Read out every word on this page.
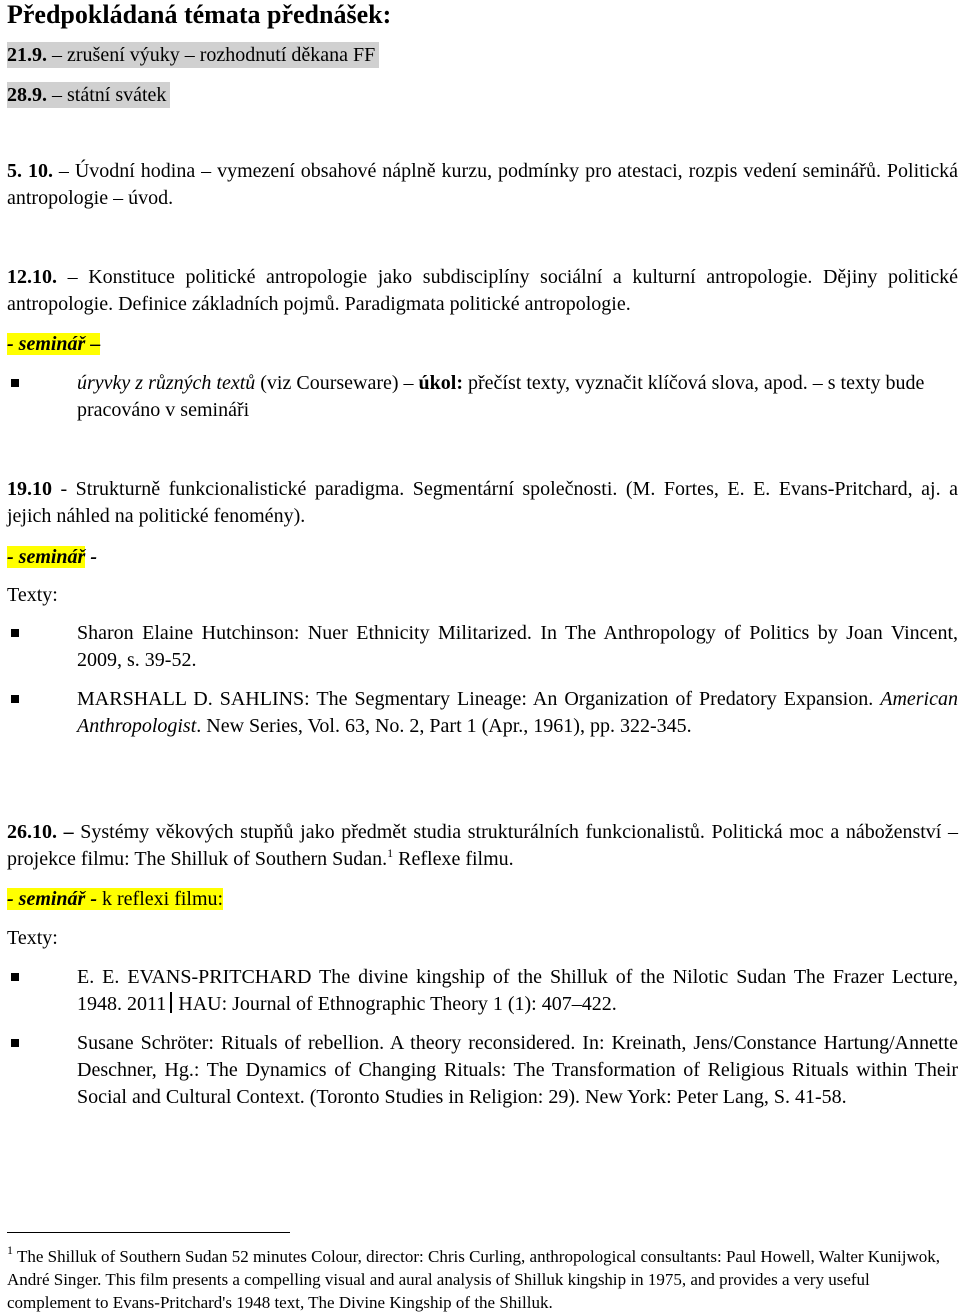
Předpokládaná témata přednášek:
21.9. – zrušení výuky – rozhodnutí děkana FF
28.9. – státní svátek
5. 10. – Úvodní hodina – vymezení obsahové náplně kurzu, podmínky pro atestaci, rozpis vedení seminářů. Politická antropologie – úvod.
12.10. – Konstituce politické antropologie jako subdisciplíny sociální a kulturní antropologie. Dějiny politické antropologie. Definice základních pojmů. Paradigmata politické antropologie.
- seminář –
úryvky z různých textů (viz Courseware) – úkol: přečíst texty, vyznačit klíčová slova, apod. – s texty bude pracováno v semináři
19.10 - Strukturně funkcionalistické paradigma. Segmentární společnosti. (M. Fortes, E. E. Evans-Pritchard, aj. a jejich náhled na politické fenomény).
- seminář -
Texty:
Sharon Elaine Hutchinson: Nuer Ethnicity Militarized. In The Anthropology of Politics by Joan Vincent, 2009, s. 39-52.
MARSHALL D. SAHLINS: The Segmentary Lineage: An Organization of Predatory Expansion. American Anthropologist. New Series, Vol. 63, No. 2, Part 1 (Apr., 1961), pp. 322-345.
26.10. – Systémy věkových stupňů jako předmět studia strukturálních funkcionalistů. Politická moc a náboženství – projekce filmu: The Shilluk of Southern Sudan.$^1$ Reflexe filmu.
- seminář - k reflexi filmu:
Texty:
E. E. EVANS-PRITCHARD The divine kingship of the Shilluk of the Nilotic Sudan The Frazer Lecture, 1948. 2011 HAU: Journal of Ethnographic Theory 1 (1): 407–422.
Susane Schröter: Rituals of rebellion. A theory reconsidered. In: Kreinath, Jens/Constance Hartung/Annette Deschner, Hg.: The Dynamics of Changing Rituals: The Transformation of Religious Rituals within Their Social and Cultural Context. (Toronto Studies in Religion: 29). New York: Peter Lang, S. 41-58.
$^1$ The Shilluk of Southern Sudan 52 minutes Colour, director: Chris Curling, anthropological consultants: Paul Howell, Walter Kunijwok, André Singer. This film presents a compelling visual and aural analysis of Shilluk kingship in 1975, and provides a very useful complement to Evans-Pritchard's 1948 text, The Divine Kingship of the Shilluk.
